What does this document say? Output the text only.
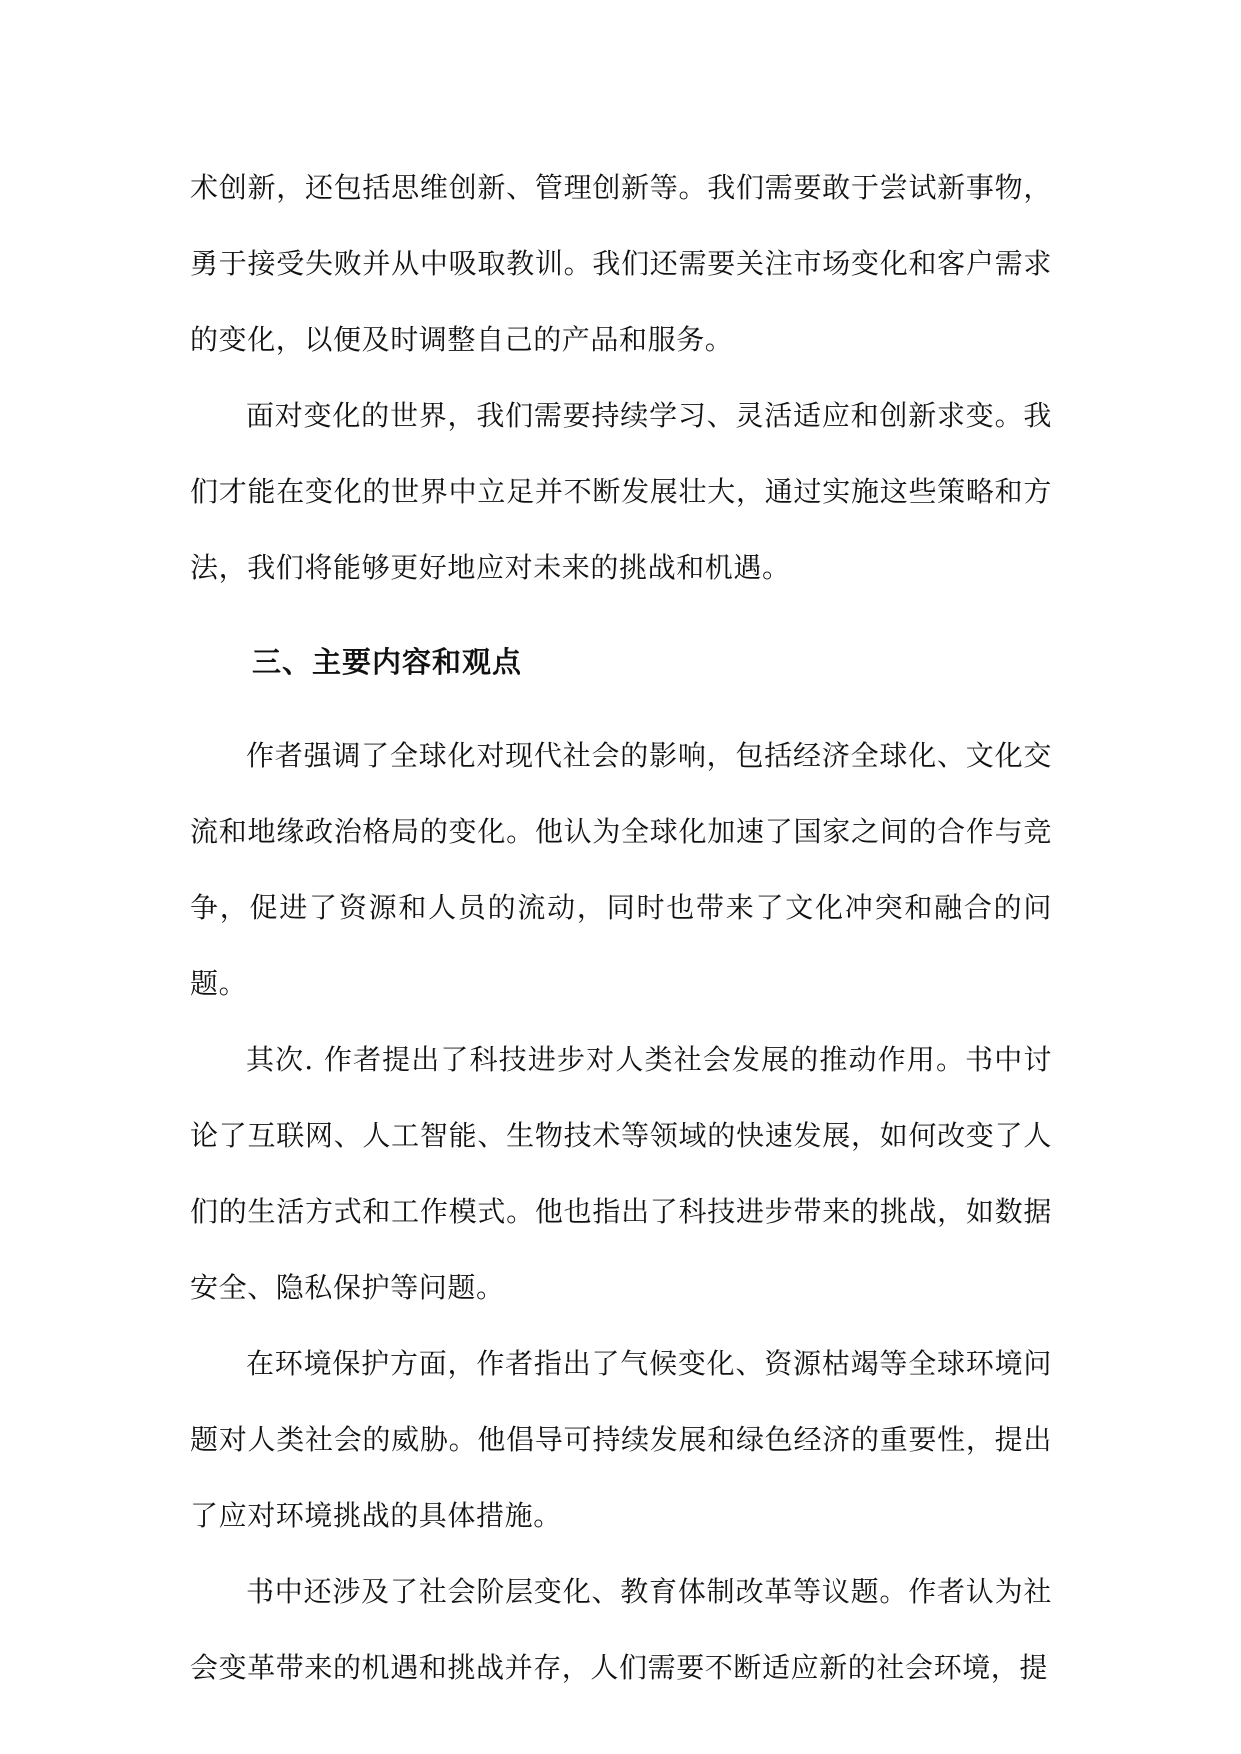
术创新，还包括思维创新、管理创新等。我们需要敢于尝试新事物，勇于接受失败并从中吸取教训。我们还需要关注市场变化和客户需求的变化，以便及时调整自己的产品和服务。

面对变化的世界，我们需要持续学习、灵活适应和创新求变。我们才能在变化的世界中立足并不断发展壮大，通过实施这些策略和方法，我们将能够更好地应对未来的挑战和机遇。

三、主要内容和观点

作者强调了全球化对现代社会的影响，包括经济全球化、文化交流和地缘政治格局的变化。他认为全球化加速了国家之间的合作与竞争，促进了资源和人员的流动，同时也带来了文化冲突和融合的问题。

其次. 作者提出了科技进步对人类社会发展的推动作用。书中讨论了互联网、人工智能、生物技术等领域的快速发展，如何改变了人们的生活方式和工作模式。他也指出了科技进步带来的挑战，如数据安全、隐私保护等问题。

在环境保护方面，作者指出了气候变化、资源枯竭等全球环境问题对人类社会的威胁。他倡导可持续发展和绿色经济的重要性，提出了应对环境挑战的具体措施。

书中还涉及了社会阶层变化、教育体制改革等议题。作者认为社会变革带来的机遇和挑战并存，人们需要不断适应新的社会环境，提
